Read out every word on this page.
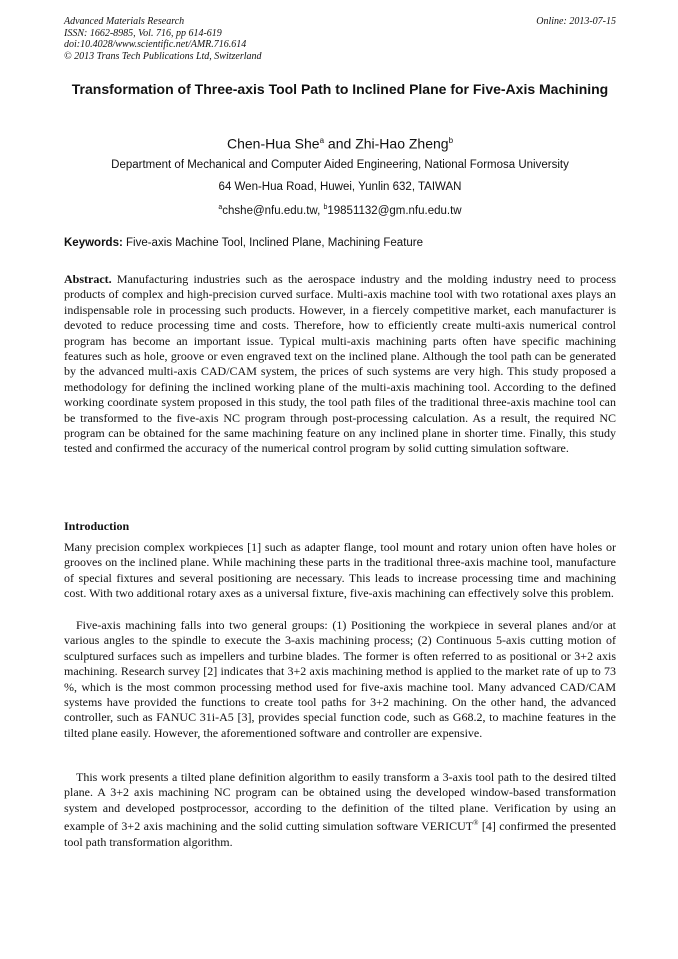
Advanced Materials Research
ISSN: 1662-8985, Vol. 716, pp 614-619
doi:10.4028/www.scientific.net/AMR.716.614
© 2013 Trans Tech Publications Ltd, Switzerland
Online: 2013-07-15
Transformation of Three-axis Tool Path to Inclined Plane for Five-Axis Machining
Chen-Hua She$^a$ and Zhi-Hao Zheng$^b$
Department of Mechanical and Computer Aided Engineering, National Formosa University
64 Wen-Hua Road, Huwei, Yunlin 632, TAIWAN
$^a$chshe@nfu.edu.tw, $^b$19851132@gm.nfu.edu.tw
Keywords: Five-axis Machine Tool, Inclined Plane, Machining Feature

Abstract. Manufacturing industries such as the aerospace industry and the molding industry need to process products of complex and high-precision curved surface. Multi-axis machine tool with two rotational axes plays an indispensable role in processing such products. However, in a fiercely competitive market, each manufacturer is devoted to reduce processing time and costs. Therefore, how to efficiently create multi-axis numerical control program has become an important issue. Typical multi-axis machining parts often have specific machining features such as hole, groove or even engraved text on the inclined plane. Although the tool path can be generated by the advanced multi-axis CAD/CAM system, the prices of such systems are very high. This study proposed a methodology for defining the inclined working plane of the multi-axis machining tool. According to the defined working coordinate system proposed in this study, the tool path files of the traditional three-axis machine tool can be transformed to the five-axis NC program through post-processing calculation. As a result, the required NC program can be obtained for the same machining feature on any inclined plane in shorter time. Finally, this study tested and confirmed the accuracy of the numerical control program by solid cutting simulation software.

Introduction

Many precision complex workpieces [1] such as adapter flange, tool mount and rotary union often have holes or grooves on the inclined plane. While machining these parts in the traditional three-axis machine tool, manufacture of special fixtures and several positioning are necessary. This leads to increase processing time and machining cost. With two additional rotary axes as a universal fixture, five-axis machining can effectively solve this problem.

Five-axis machining falls into two general groups: (1) Positioning the workpiece in several planes and/or at various angles to the spindle to execute the 3-axis machining process; (2) Continuous 5-axis cutting motion of sculptured surfaces such as impellers and turbine blades. The former is often referred to as positional or 3+2 axis machining. Research survey [2] indicates that 3+2 axis machining method is applied to the market rate of up to 73 %, which is the most common processing method used for five-axis machine tool. Many advanced CAD/CAM systems have provided the functions to create tool paths for 3+2 machining. On the other hand, the advanced controller, such as FANUC 31i-A5 [3], provides special function code, such as G68.2, to machine features in the tilted plane easily. However, the aforementioned software and controller are expensive.

This work presents a tilted plane definition algorithm to easily transform a 3-axis tool path to the desired tilted plane. A 3+2 axis machining NC program can be obtained using the developed window-based transformation system and developed postprocessor, according to the definition of the tilted plane. Verification by using an example of 3+2 axis machining and the solid cutting simulation software VERICUT® [4] confirmed the presented tool path transformation algorithm.
